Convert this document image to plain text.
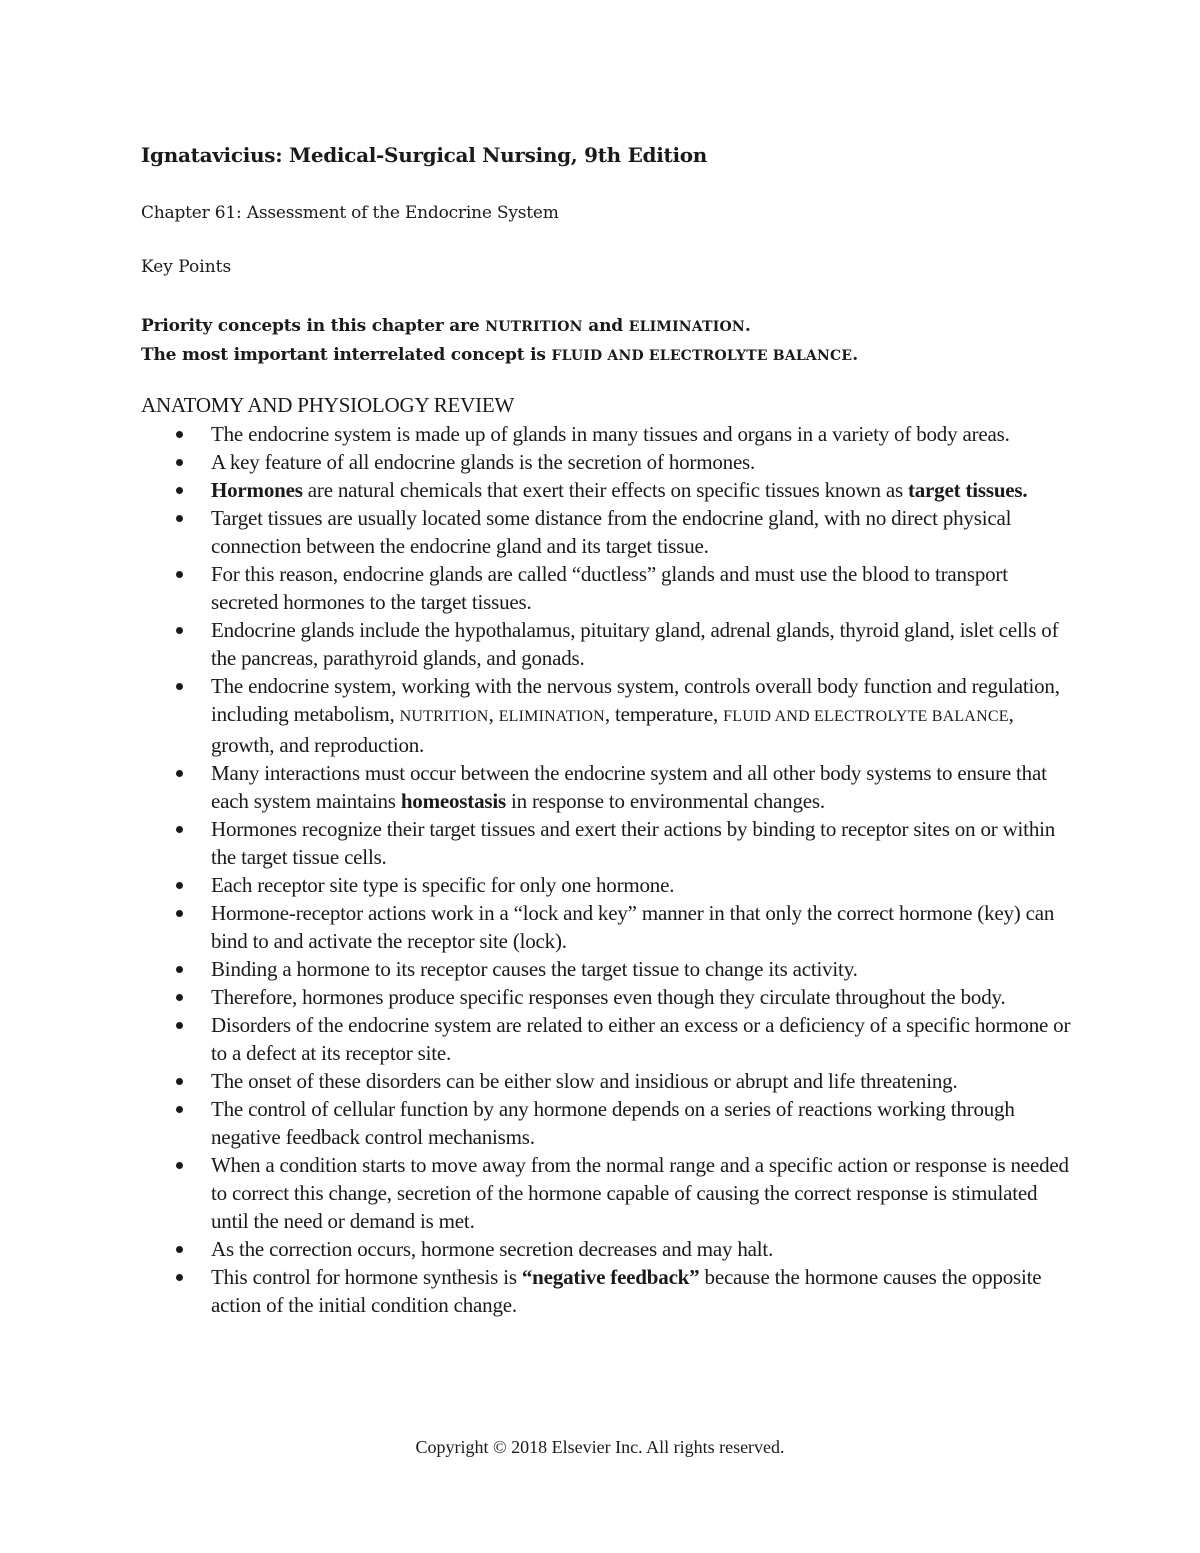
Ignatavicius: Medical-Surgical Nursing, 9th Edition
Chapter 61: Assessment of the Endocrine System
Key Points
Priority concepts in this chapter are NUTRITION and ELIMINATION.
The most important interrelated concept is FLUID AND ELECTROLYTE BALANCE.
ANATOMY AND PHYSIOLOGY REVIEW
The endocrine system is made up of glands in many tissues and organs in a variety of body areas.
A key feature of all endocrine glands is the secretion of hormones.
Hormones are natural chemicals that exert their effects on specific tissues known as target tissues.
Target tissues are usually located some distance from the endocrine gland, with no direct physical connection between the endocrine gland and its target tissue.
For this reason, endocrine glands are called “ductless” glands and must use the blood to transport secreted hormones to the target tissues.
Endocrine glands include the hypothalamus, pituitary gland, adrenal glands, thyroid gland, islet cells of the pancreas, parathyroid glands, and gonads.
The endocrine system, working with the nervous system, controls overall body function and regulation, including metabolism, NUTRITION, ELIMINATION, temperature, FLUID AND ELECTROLYTE BALANCE, growth, and reproduction.
Many interactions must occur between the endocrine system and all other body systems to ensure that each system maintains homeostasis in response to environmental changes.
Hormones recognize their target tissues and exert their actions by binding to receptor sites on or within the target tissue cells.
Each receptor site type is specific for only one hormone.
Hormone-receptor actions work in a “lock and key” manner in that only the correct hormone (key) can bind to and activate the receptor site (lock).
Binding a hormone to its receptor causes the target tissue to change its activity.
Therefore, hormones produce specific responses even though they circulate throughout the body.
Disorders of the endocrine system are related to either an excess or a deficiency of a specific hormone or to a defect at its receptor site.
The onset of these disorders can be either slow and insidious or abrupt and life threatening.
The control of cellular function by any hormone depends on a series of reactions working through negative feedback control mechanisms.
When a condition starts to move away from the normal range and a specific action or response is needed to correct this change, secretion of the hormone capable of causing the correct response is stimulated until the need or demand is met.
As the correction occurs, hormone secretion decreases and may halt.
This control for hormone synthesis is “negative feedback” because the hormone causes the opposite action of the initial condition change.
Copyright © 2018 Elsevier Inc. All rights reserved.
